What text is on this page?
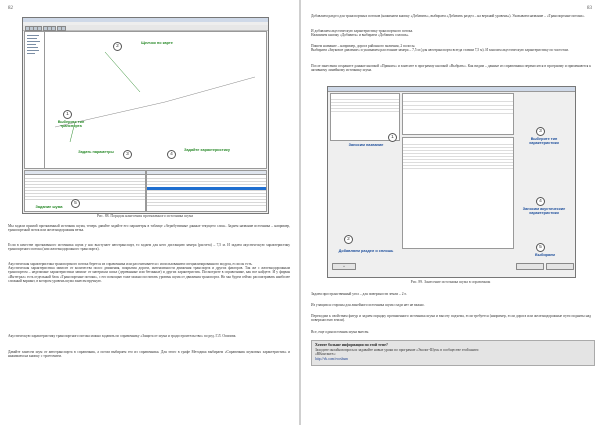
82
2
Щелчок по карте
1
Выберите тип транспорта
3
Задать параметры	4
Задайте характеристику
5
Задание шума
Рис. 88. Порядок нанесения протяженного источника шума
Мы задали прямой протяженный источник шума, теперь давайте задайте его параметры в таблице «Атрибутивные данные текущего слоя». Задаем название источника – например, транспортный поток или железнодорожная ветка.
Если в качестве протяженного источника шума у нас выступает автотранспорт, то задаем для него дистанцию замера (расчета) – 7,5 м. И задаем акустическую характеристику транспортного потока (или железнодорожного транспорта).
Акустическая характеристика транспортного потока берется из справочника или рассчитывается с использованием специализированного модуля, если он есть.
Акустическая характеристика зависит от количества полос движения, покрытия дороги, интенсивности движения транспорта и других факторов. Так же с железнодорожным транспортом – неделимые характеристики зависят от материала шпал (деревянные или бетонные) и других характеристик. Посмотрите в справочнике, как все найдете. И у фирмы «Интеграл» есть отдельный блок «Транспортные потоки», с его помощью тоже можно посчитать уровень шума от движения транспорта. Но мы будем сейчас рассматривать наиболее сложный вариант, в котором уровень шума занесен вручную.
Акустическую характеристику транспортного потока можно задавать по справочнику «Защита от шума и градостроительство» по ред. Г.Л. Осипова.
Давайте занесем шум от автотранспорта в справочник, а потом выбираем его из справочника. Для этого в графе Методика выбираем «Справочник шумовых характеристик» и нажимаем на кнопку с троеточием.
83
Добавляем раздел для транспортных потоков (нажимаем кнопку «Добавить», выбираем «Добавить раздел – на верхний уровень»). Указываем название – «Транспортные потоки».
И добавляем акустическую характеристику транспортного потока.
Нажимаем кнопку «Добавить» и выбираем «Добавить сплошь».
Пишем название – например, дорога районного значения, 2 полосы.
Выбираем «Звуковое давление» и указываем расстояние замера – 7,5 м (для автотранспорта всегда ставим 7,5 м). И заносим акустическую характеристику по частотам.
После занесения сохраните данные кнопкой «Принять» и занесите в программу кнопкой «Выбрать». Как видим – данные из справочника переносятся в программу и применяются к активному линейному источнику шума.
+
1
Заносим название
2
Добавляем раздел и сплошь
3
Выберите тип
характеристики
4
Заносим акустические
характеристики
5
Выбираем
Рис. 89. Занесение источника шума в справочник
Задаем пространственный угол – для поверхности земли – 2 π.
Из учащихся стороны для линейного источника шума сзади нет не важно.
Переходим к свойствам фигур и задаем порядку протяженного источника шума и высоту подъема, если требуется (например, если дорога или железнодорожные пути подняты над поверхностью земли).
Все, еще один источник шума внесен.
Хотите больше информации по этой теме?
Заходите онлайн вопросы и задавайте новые уроки по программе «Эколог-Шум» в сообществе этой книги «ВКонтакте»:
http://vk.com/ecoshum
